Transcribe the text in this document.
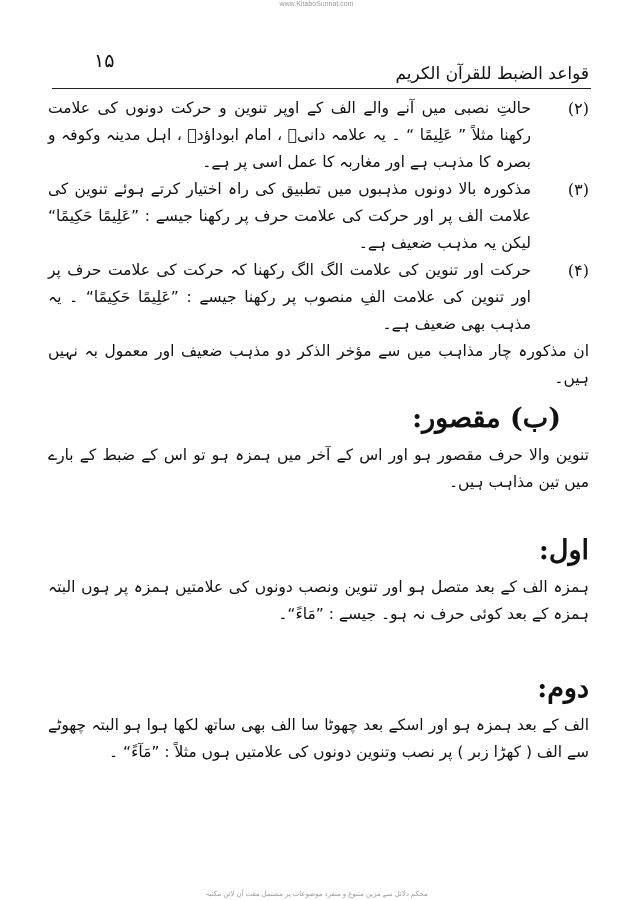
www.KitaboSunnat.com
قواعد الضبط للقرآن الکریم
۱۵
(۲)
حالتِ نصبی میں آنے والے الف کے اوپر تنوین و حرکت دونوں کی علامت رکھنا مثلاً ” عَلِیمًا “ ۔ یہ علامہ دانیؒ ، امام ابوداؤدؒ ، اہل مدینہ وکوفہ و بصرہ کا مذہب ہے اور مغاربہ کا عمل اسی پر ہے۔
(۳)
مذکورہ بالا دونوں مذہبوں میں تطبیق کی راہ اختیار کرتے ہوئے تنوین کی علامت الف پر اور حرکت کی علامت حرف پر رکھنا جیسے : ”عَلِیمًا حَکِیمًا“ لیکن یہ مذہب ضعیف ہے۔
(۴)
حرکت اور تنوین کی علامت الگ الگ رکھنا کہ حرکت کی علامت حرف پر اور تنوین کی علامت الفِ منصوب پر رکھنا جیسے : ”عَلِیمًا حَکِیمًا“ ۔ یہ مذہب بھی ضعیف ہے۔

ان مذکورہ چار مذاہب میں سے مؤخر الذکر دو مذہب ضعیف اور معمول بہ نہیں ہیں۔

(ب) مقصور:

تنوین والا حرف مقصور ہو اور اس کے آخر میں ہمزہ ہو تو اس کے ضبط کے بارے میں تین مذاہب ہیں۔

اول:

ہمزہ الف کے بعد متصل ہو اور تنوین ونصب دونوں کی علامتیں ہمزہ پر ہوں البتہ ہمزہ کے بعد کوئی حرف نہ ہو۔ جیسے : ”مَاءً“۔

دوم:

الف کے بعد ہمزہ ہو اور اسکے بعد چھوٹا سا الف بھی ساتھ لکھا ہوا ہو البتہ چھوٹے سے الف ( کھڑا زبر ) پر نصب وتنوین دونوں کی علامتیں ہوں مثلاً : ”مَآءً“ ۔

محکم دلائل سے مزین متنوع و منفرد موضوعات پر مشتمل مفت آن لائن مکتبہ
